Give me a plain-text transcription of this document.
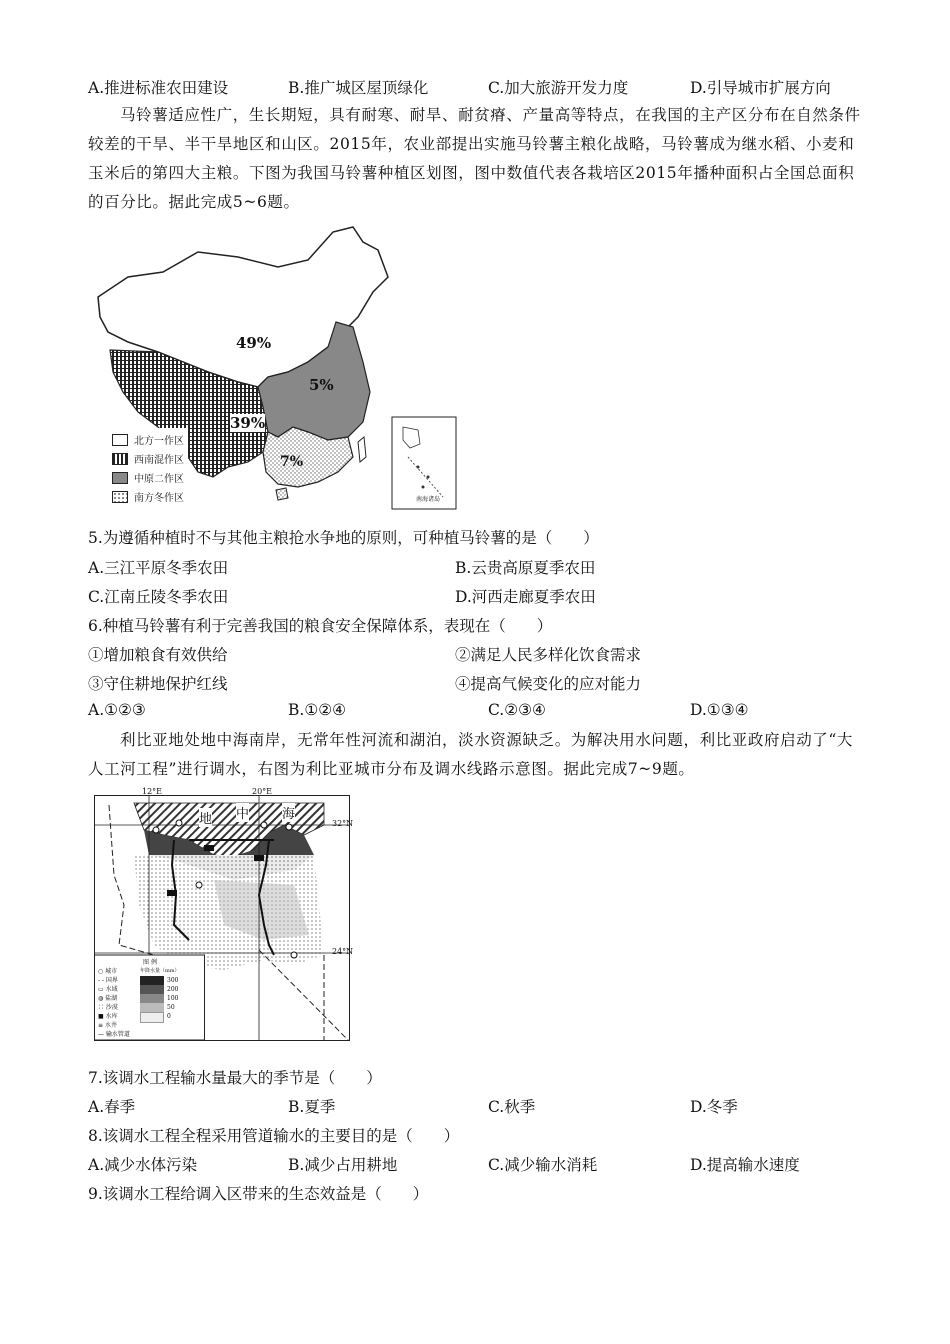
A.推进标准农田建设	B.推广城区屋顶绿化	C.加大旅游开发力度	D.引导城市扩展方向
马铃薯适应性广，生长期短，具有耐寒、耐旱、耐贫瘠、产量高等特点，在我国的主产区分布在自然条件较差的干旱、半干旱地区和山区。2015年，农业部提出实施马铃薯主粮化战略，马铃薯成为继水稻、小麦和玉米后的第四大主粮。下图为我国马铃薯种植区划图，图中数值代表各栽培区2015年播种面积占全国总面积的百分比。据此完成5~6题。
49%
39%
5%
7%
南海诸岛
北方一作区
西南混作区
中原二作区
南方冬作区
5.为遵循种植时不与其他主粮抢水争地的原则，可种植马铃薯的是（　　）
A.三江平原冬季农田	B.云贵高原夏季农田
C.江南丘陵冬季农田	D.河西走廊夏季农田
6.种植马铃薯有利于完善我国的粮食安全保障体系，表现在（　　）
①增加粮食有效供给	②满足人民多样化饮食需求
③守住耕地保护红线	④提高气候变化的应对能力
A.①②③	B.①②④	C.②③④	D.①③④
利比亚地处地中海南岸，无常年性河流和湖泊，淡水资源缺乏。为解决用水问题，利比亚政府启动了“大人工河工程”进行调水，右图为利比亚城市分布及调水线路示意图。据此完成7~9题。
12°E	20°E
32°N
24°N
地 中	海
图 例
○ 城市
- - 国界
▭ 水域
◍ 盐湖
∷ 沙漠
■ 水库
≡ 水井
— 输水管道
年降水量（mm）
300
200
100
50
0
7.该调水工程输水量最大的季节是（　　）
A.春季	B.夏季	C.秋季	D.冬季
8.该调水工程全程采用管道输水的主要目的是（　　）
A.减少水体污染	B.减少占用耕地	C.减少输水消耗	D.提高输水速度
9.该调水工程给调入区带来的生态效益是（　　）
